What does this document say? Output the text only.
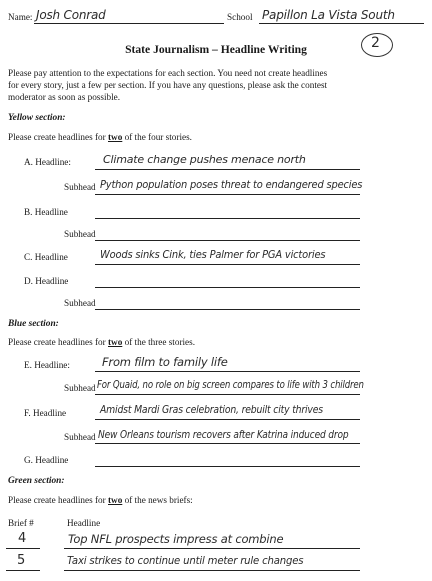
Name: Josh Conrad	School Papillon La Vista South
2
State Journalism – Headline Writing
Please pay attention to the expectations for each section. You need not create headlines
for every story, just a few per section. If you have any questions, please ask the contest
moderator as soon as possible.
Yellow section:
Please create headlines for two of the four stories.
A. Headline:	Climate change pushes menace north
Subhead Python population poses threat to endangered species
B. Headline
Subhead
C. Headline	Woods sinks Cink, ties Palmer for PGA victories
D. Headline
Subhead
Blue section:
Please create headlines for two of the three stories.
E. Headline:	From film to family life
Subhead For Quaid, no role on big screen compares to life with 3 children
F. Headline	Amidst Mardi Gras celebration, rebuilt city thrives
Subhead New Orleans tourism recovers after Katrina induced drop
G. Headline
Green section:
Please create headlines for two of the news briefs:
Brief #	Headline
4	Top NFL prospects impress at combine
5	Taxi strikes to continue until meter rule changes
